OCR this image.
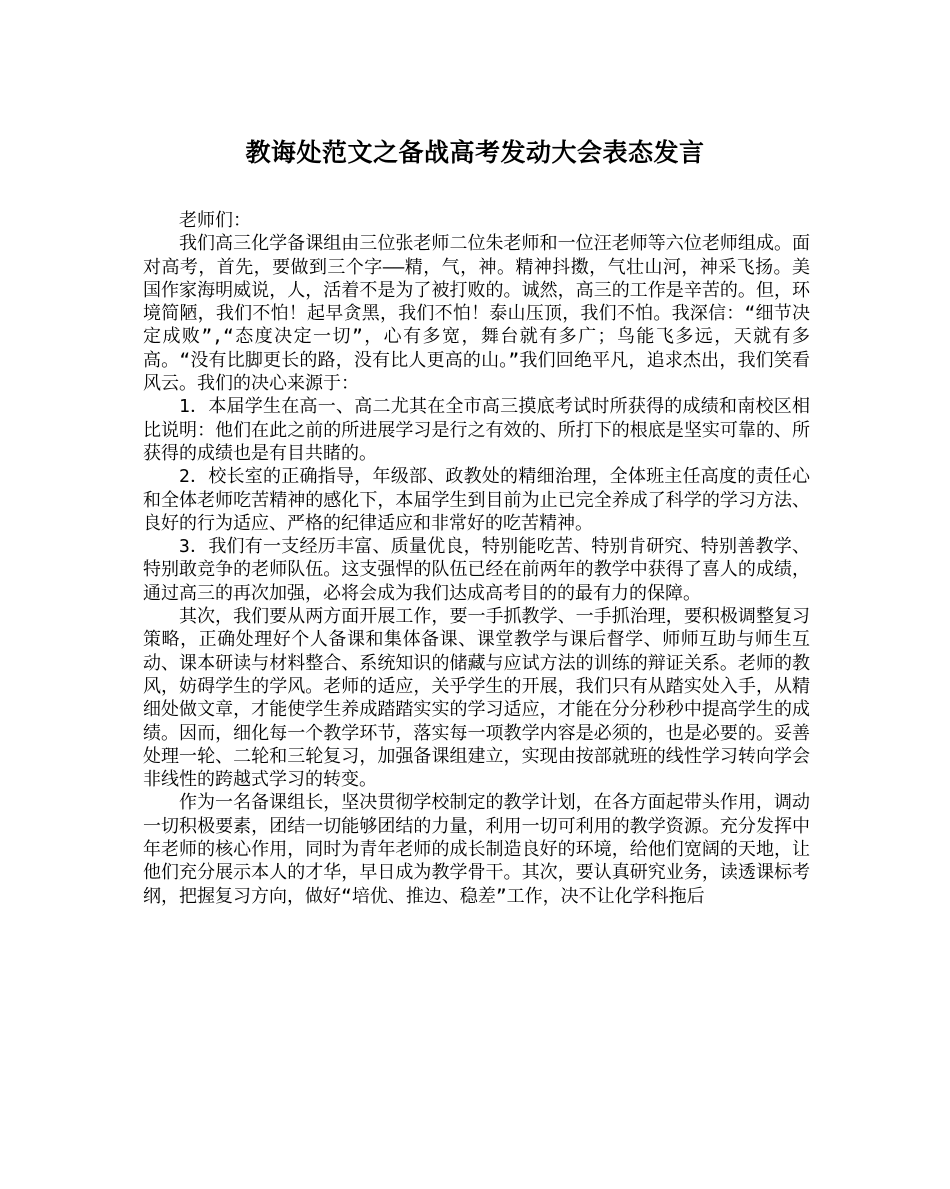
教诲处范文之备战高考发动大会表态发言

老师们：

我们高三化学备课组由三位张老师二位朱老师和一位汪老师等六位老师组成。面对高考，首先，要做到三个字——精，气，神。精神抖擞，气壮山河，神采飞扬。美国作家海明威说，人，活着不是为了被打败的。诚然，高三的工作是辛苦的。但，环境简陋，我们不怕！起早贪黑，我们不怕！泰山压顶，我们不怕。我深信：“细节决定成败”,“态度决定一切”，心有多宽，舞台就有多广；鸟能飞多远，天就有多高。“没有比脚更长的路，没有比人更高的山。”我们回绝平凡，追求杰出，我们笑看风云。我们的决心来源于：

1．本届学生在高一、高二尤其在全市高三摸底考试时所获得的成绩和南校区相比说明：他们在此之前的所进展学习是行之有效的、所打下的根底是坚实可靠的、所获得的成绩也是有目共睹的。

2．校长室的正确指导，年级部、政教处的精细治理，全体班主任高度的责任心和全体老师吃苦精神的感化下，本届学生到目前为止已完全养成了科学的学习方法、良好的行为适应、严格的纪律适应和非常好的吃苦精神。

3．我们有一支经历丰富、质量优良，特别能吃苦、特别肯研究、特别善教学、特别敢竞争的老师队伍。这支强悍的队伍已经在前两年的教学中获得了喜人的成绩，通过高三的再次加强，必将会成为我们达成高考目的的最有力的保障。

其次，我们要从两方面开展工作，要一手抓教学、一手抓治理，要积极调整复习策略，正确处理好个人备课和集体备课、课堂教学与课后督学、师师互助与师生互动、课本研读与材料整合、系统知识的储藏与应试方法的训练的辩证关系。老师的教风，妨碍学生的学风。老师的适应，关乎学生的开展，我们只有从踏实处入手，从精细处做文章，才能使学生养成踏踏实实的学习适应，才能在分分秒秒中提高学生的成绩。因而，细化每一个教学环节，落实每一项教学内容是必须的，也是必要的。妥善处理一轮、二轮和三轮复习，加强备课组建立，实现由按部就班的线性学习转向学会非线性的跨越式学习的转变。

作为一名备课组长，坚决贯彻学校制定的教学计划，在各方面起带头作用，调动一切积极要素，团结一切能够团结的力量，利用一切可利用的教学资源。充分发挥中年老师的核心作用，同时为青年老师的成长制造良好的环境，给他们宽阔的天地，让他们充分展示本人的才华，早日成为教学骨干。其次，要认真研究业务，读透课标考纲，把握复习方向，做好“培优、推边、稳差”工作，决不让化学科拖后
